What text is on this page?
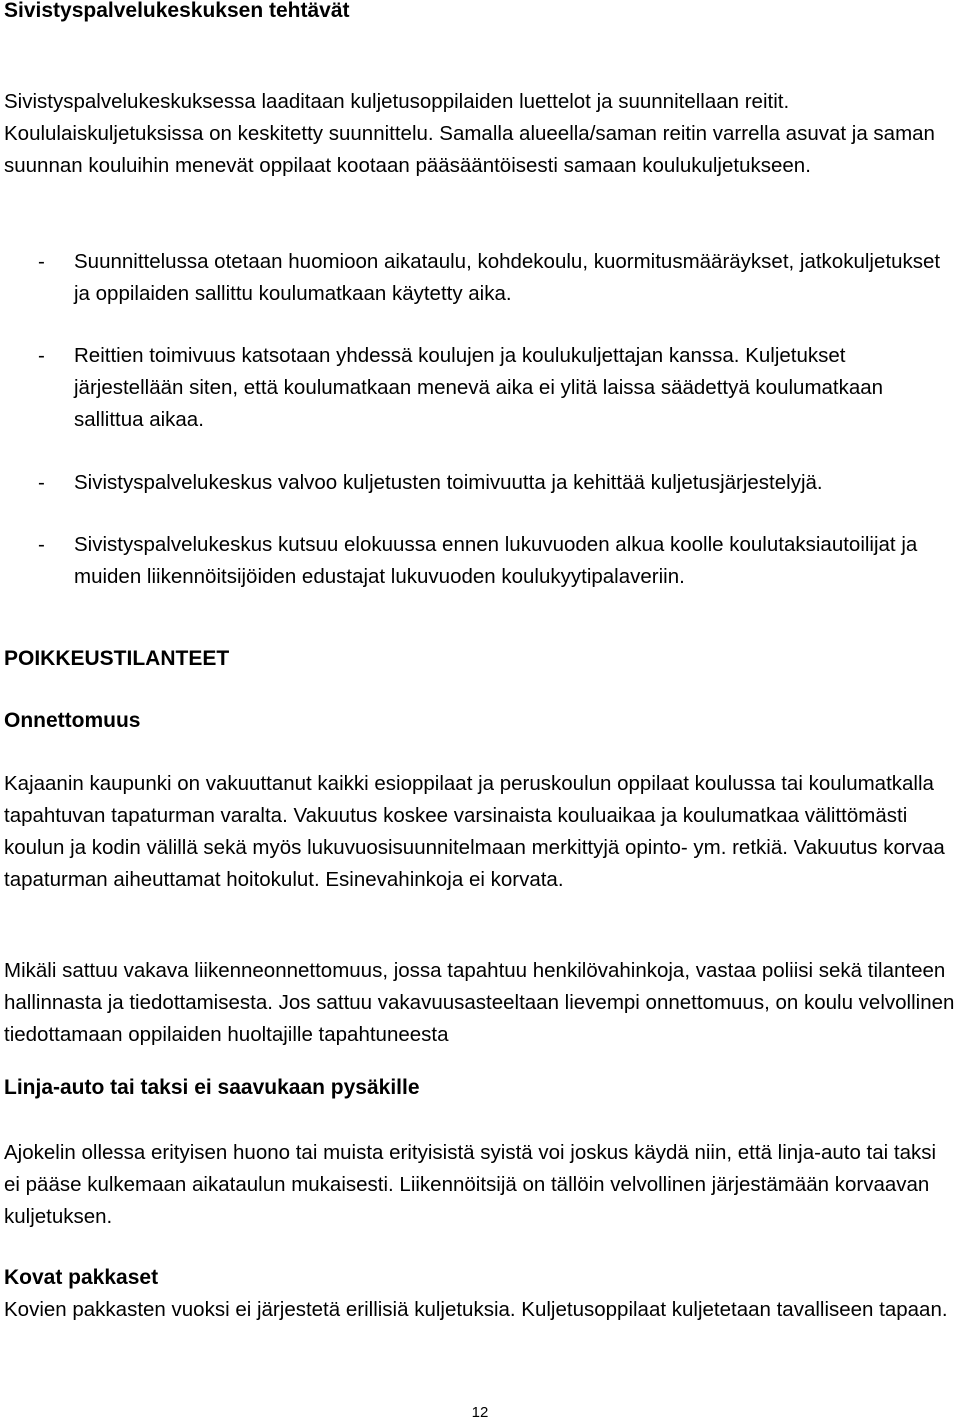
Sivistyspalvelukeskuksen tehtävät

Sivistyspalvelukeskuksessa laaditaan kuljetusoppilaiden luettelot ja suunnitellaan reitit. Koululaiskuljetuksissa on keskitetty suunnittelu. Samalla alueella/saman reitin varrella asuvat ja saman suunnan kouluihin menevät oppilaat kootaan pääsääntöisesti samaan koulukuljetukseen.

- Suunnittelussa otetaan huomioon aikataulu, kohdekoulu, kuormitusmääräykset, jatkokuljetukset ja oppilaiden sallittu koulumatkaan käytetty aika.
- Reittien toimivuus katsotaan yhdessä koulujen ja koulukuljettajan kanssa. Kuljetukset järjestellään siten, että koulumatkaan menevä aika ei ylitä laissa säädettyä koulumatkaan sallittua aikaa.
- Sivistyspalvelukeskus valvoo kuljetusten toimivuutta ja kehittää kuljetusjärjestelyjä.
- Sivistyspalvelukeskus kutsuu elokuussa ennen lukuvuoden alkua koolle koulutaksiautoilijat ja muiden liikennöitsijöiden edustajat lukuvuoden koulukyytipalaveriin.
POIKKEUSTILANTEET
Onnettomuus

Kajaanin kaupunki on vakuuttanut kaikki esioppilaat ja peruskoulun oppilaat koulussa tai koulumatkalla tapahtuvan tapaturman varalta. Vakuutus koskee varsinaista kouluaikaa ja koulumatkaa välittömästi koulun ja kodin välillä sekä myös lukuvuosisuunnitelmaan merkittyjä opinto- ym. retkiä. Vakuutus korvaa tapaturman aiheuttamat hoitokulut. Esinevahinkoja ei korvata.

Mikäli sattuu vakava liikenneonnettomuus, jossa tapahtuu henkilövahinkoja, vastaa poliisi sekä tilanteen hallinnasta ja tiedottamisesta. Jos sattuu vakavuusasteeltaan lievempi onnettomuus, on koulu velvollinen tiedottamaan oppilaiden huoltajille tapahtuneesta

Linja-auto tai taksi ei saavukaan pysäkille

Ajokelin ollessa erityisen huono tai muista erityisistä syistä voi joskus käydä niin, että linja-auto tai taksi ei pääse kulkemaan aikataulun mukaisesti. Liikennöitsijä on tällöin velvollinen järjestämään korvaavan kuljetuksen.

Kovat pakkaset

Kovien pakkasten vuoksi ei järjestetä erillisiä kuljetuksia. Kuljetusoppilaat kuljetetaan tavalliseen tapaan.

12
